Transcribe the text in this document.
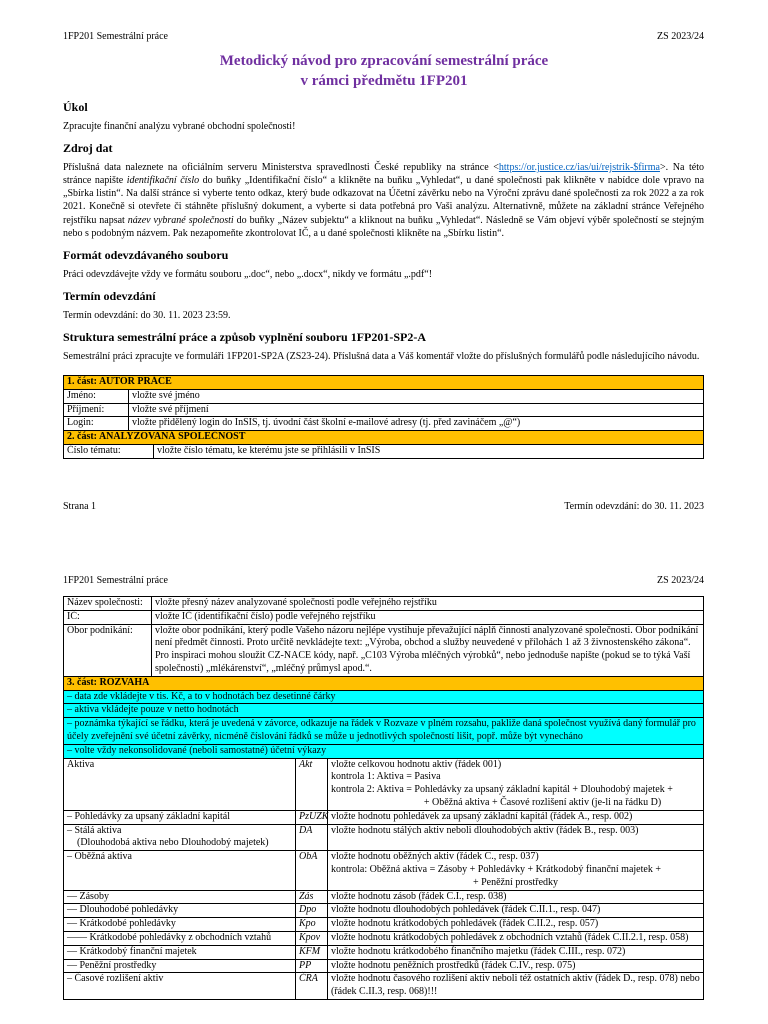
1FP201 Semestrální práce	ZS 2023/24
Metodický návod pro zpracování semestrální práce
v rámci předmětu 1FP201
Úkol

Zpracujte finanční analýzu vybrané obchodní společnosti!

Zdroj dat

Příslušná data naleznete na oficiálním serveru Ministerstva spravedlnosti České republiky na stránce <https://or.justice.cz/ias/ui/rejstrik-$firma>. Na této stránce napište identifikační číslo do buňky „Identifikační číslo“ a klikněte na buňku „Vyhledat“, u dané společnosti pak klikněte v nabídce dole vpravo na „Sbírka listin“. Na další stránce si vyberte tento odkaz, který bude odkazovat na Účetní závěrku nebo na Výroční zprávu dané společnosti za rok 2022 a za rok 2021. Konečně si otevřete či stáhněte příslušný dokument, a vyberte si data potřebná pro Vaši analýzu. Alternativně, můžete na základní stránce Veřejného rejstříku napsat název vybrané společnosti do buňky „Název subjektu“ a kliknout na buňku „Vyhledat“. Následně se Vám objeví výběr společností se stejným nebo s podobným názvem. Pak nezapomeňte zkontrolovat IČ, a u dané společnosti klikněte na „Sbírku listin“.

Formát odevzdávaného souboru

Práci odevzdávejte vždy ve formátu souboru „.doc“, nebo „.docx“, nikdy ve formátu „.pdf“!

Termín odevzdání

Termín odevzdání: do 30. 11. 2023 23:59.

Struktura semestrální práce a způsob vyplnění souboru 1FP201-SP2-A

Semestrální práci zpracujte ve formuláři 1FP201-SP2A (ZS23-24). Příslušná data a Váš komentář vložte do příslušných formulářů podle následujícího návodu.

1. část: AUTOR PRÁCE		
Jméno:	vložte své jméno	
Příjmení:	vložte své příjmení	
Login:	vložte přidělený login do InSIS, tj. úvodní část školní e-mailové adresy (tj. před zavináčem „@“)	
2. část: ANALYZOVANÁ SPOLEČNOST		
Číslo tématu:		vložte číslo tématu, ke kterému jste se přihlásili v InSIS
Strana 1	Termín odevzdání: do 30. 11. 2023
1FP201 Semestrální práce	ZS 2023/24
Název společnosti:	vložte přesný název analyzované společnosti podle veřejného rejstříku
IČ:	vložte IČ (identifikační číslo) podle veřejného rejstříku
Obor podnikání:	vložte obor podnikání, který podle Vašeho názoru nejlépe vystihuje převažující náplň činnosti analyzované společnosti. Obor podnikání není předmět činnosti. Proto určitě nevkládejte text: „Výroba, obchod a služby neuvedené v přílohách 1 až 3 živnostenského zákona“. Pro inspiraci mohou sloužit CZ-NACE kódy, např. „C103 Výroba mléčných výrobků“, nebo jednoduše napište (pokud se to týká Vaší společnosti) „mlékárenství“, „mléčný průmysl apod.“.
3. část: ROZVAHA		
– data zde vkládejte v tis. Kč, a to v hodnotách bez desetinné čárky		
– aktiva vkládejte pouze v netto hodnotách		
– poznámka týkající se řádku, která je uvedená v závorce, odkazuje na řádek v Rozvaze v plném rozsahu, pakliže daná společnost využívá daný formulář pro účely zveřejnění své účetní závěrky, nicméně číslování řádků se může u jednotlivých společností lišit, popř. může být vynecháno		
– volte vždy nekonsolidované (neboli samostatné) účetní výkazy		
Aktiva	Akt	vložte celkovou hodnotu aktiv (řádek 001)
kontrola 1: Aktiva = Pasiva
kontrola 2: Aktiva = Pohledávky za upsaný základní kapitál + Dlouhodobý majetek +
+ Oběžná aktiva + Časové rozlišení aktiv (je-li na řádku D)

– Pohledávky za upsaný základní kapitál	PzUZK	vložte hodnotu pohledávek za upsaný základní kapitál (řádek A., resp. 002)

– Stálá aktiva
(Dlouhodobá aktiva nebo Dlouhodobý majetek)	DA	vložte hodnotu stálých aktiv neboli dlouhodobých aktiv (řádek B., resp. 003)
– Oběžná aktiva	ObA	vložte hodnotu oběžných aktiv (řádek C., resp. 037)
kontrola: Oběžná aktiva = Zásoby + Pohledávky + Krátkodobý finanční majetek +
+ Peněžní prostředky

— Zásoby	Zás	vložte hodnotu zásob (řádek C.I., resp. 038)
— Dlouhodobé pohledávky	Dpo	vložte hodnotu dlouhodobých pohledávek (řádek C.II.1., resp. 047)
— Krátkodobé pohledávky	Kpo	vložte hodnotu krátkodobých pohledávek (řádek C.II.2., resp. 057)
—— Krátkodobé pohledávky z obchodních vztahů	Kpov	vložte hodnotu krátkodobých pohledávek z obchodních vztahů (řádek C.II.2.1, resp. 058)
— Krátkodobý finanční majetek	KFM	vložte hodnotu krátkodobého finančního majetku (řádek C.III., resp. 072)
— Peněžní prostředky	PP	vložte hodnotu peněžních prostředků (řádek C.IV., resp. 075)
– Časové rozlišení aktiv	ČRA	vložte hodnotu časového rozlišení aktiv neboli též ostatních aktiv (řádek D., resp. 078) nebo (řádek C.II.3, resp. 068)!!!
